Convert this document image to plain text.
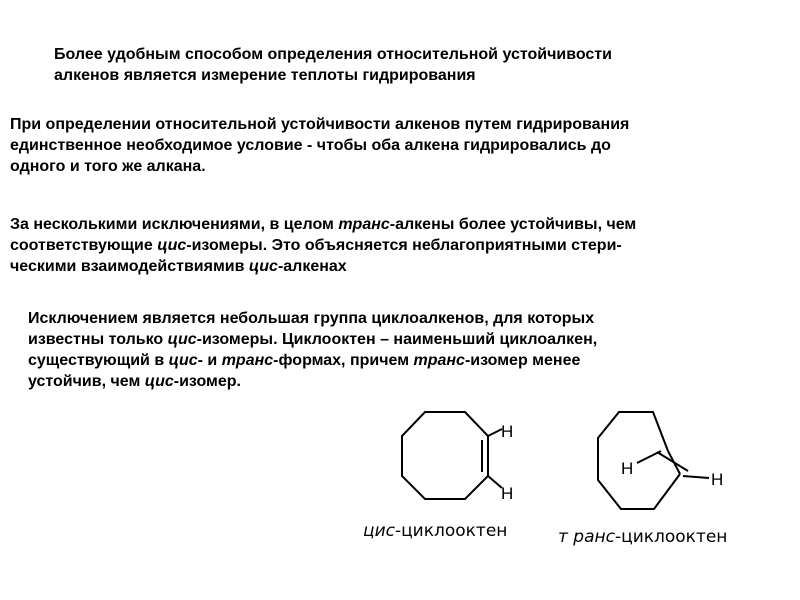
Более удобным способом определения относительной устойчивости
алкенов является измерение теплоты гидрирования

При определении относительной устойчивости алкенов путем гидрирования
единственное необходимое условие - чтобы оба алкена гидрировались до
одного и того же алкана.

За несколькими исключениями, в целом транс-алкены более устойчивы, чем
соответствующие цис-изомеры. Это объясняется неблагоприятными стери-
ческими взаимодействиямив цис-алкенах

Исключением является небольшая группа циклоалкенов, для которых
известны только цис-изомеры. Циклооктен – наименьший циклоалкен,
существующий в цис- и транс-формах, причем транс-изомер менее
устойчив, чем цис-изомер.

H
H
H
H
цис-циклооктен	т ранс-циклооктен
